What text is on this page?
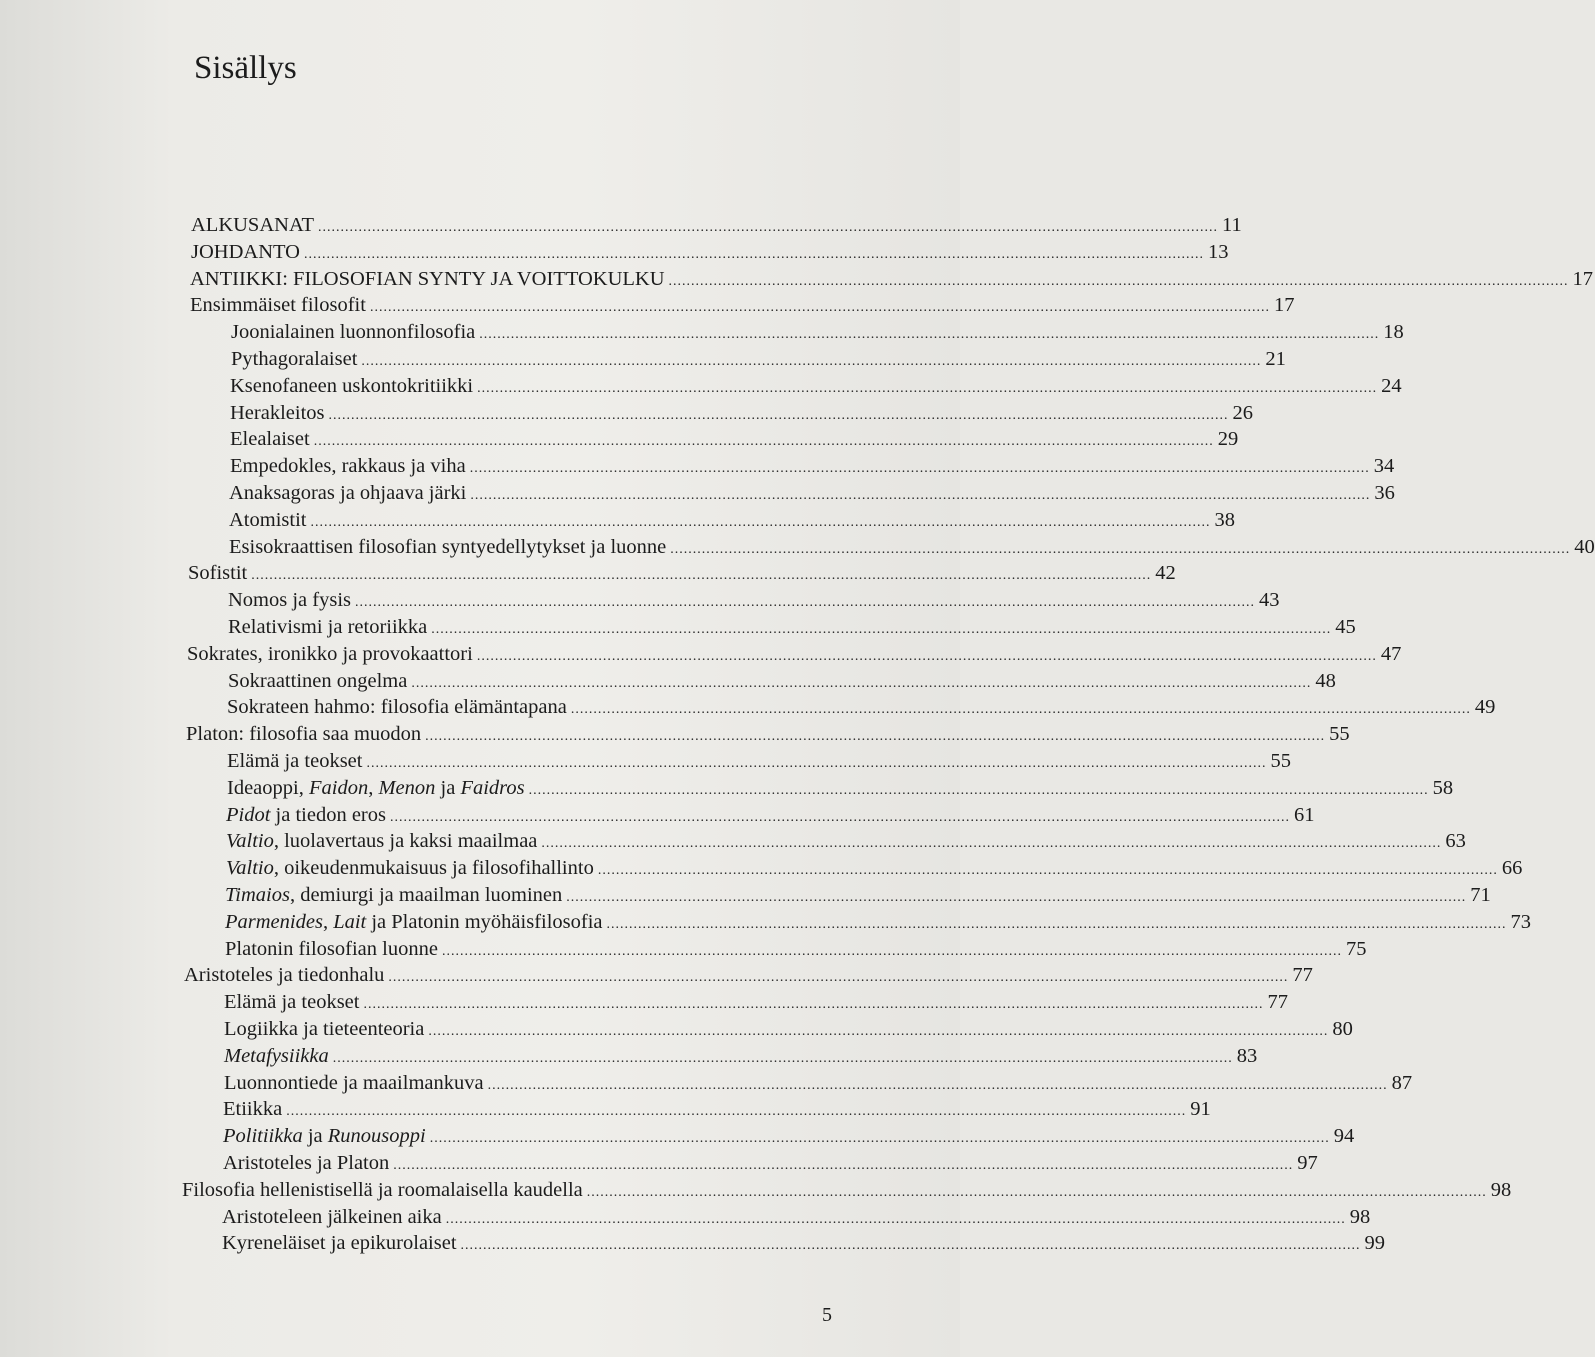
Sisällys
ALKUSANAT ........................................................................................................................................................................................................ 11
JOHDANTO ........................................................................................................................................................................................................ 13
ANTIIKKI: FILOSOFIAN SYNTY JA VOITTOKULKU ........................................................................................................................................................................................................ 17
Ensimmäiset filosofit ........................................................................................................................................................................................................ 17
Joonialainen luonnonfilosofia ........................................................................................................................................................................................................ 18
Pythagoralaiset ........................................................................................................................................................................................................ 21
Ksenofaneen uskontokritiikki ........................................................................................................................................................................................................ 24
Herakleitos ........................................................................................................................................................................................................ 26
Elealaiset ........................................................................................................................................................................................................ 29
Empedokles, rakkaus ja viha ........................................................................................................................................................................................................ 34
Anaksagoras ja ohjaava järki ........................................................................................................................................................................................................ 36
Atomistit ........................................................................................................................................................................................................ 38
Esisokraattisen filosofian syntyedellytykset ja luonne ........................................................................................................................................................................................................ 40
Sofistit ........................................................................................................................................................................................................ 42
Nomos ja fysis ........................................................................................................................................................................................................ 43
Relativismi ja retoriikka ........................................................................................................................................................................................................ 45
Sokrates, ironikko ja provokaattori ........................................................................................................................................................................................................ 47
Sokraattinen ongelma ........................................................................................................................................................................................................ 48
Sokrateen hahmo: filosofia elämäntapana ........................................................................................................................................................................................................ 49
Platon: filosofia saa muodon ........................................................................................................................................................................................................ 55
Elämä ja teokset ........................................................................................................................................................................................................ 55
Ideaoppi, Faidon, Menon ja Faidros ........................................................................................................................................................................................................ 58
Pidot ja tiedon eros ........................................................................................................................................................................................................ 61
Valtio, luolavertaus ja kaksi maailmaa ........................................................................................................................................................................................................ 63
Valtio, oikeudenmukaisuus ja filosofihallinto ........................................................................................................................................................................................................ 66
Timaios, demiurgi ja maailman luominen ........................................................................................................................................................................................................ 71
Parmenides, Lait ja Platonin myöhäisfilosofia ........................................................................................................................................................................................................ 73
Platonin filosofian luonne ........................................................................................................................................................................................................ 75
Aristoteles ja tiedonhalu ........................................................................................................................................................................................................ 77
Elämä ja teokset ........................................................................................................................................................................................................ 77
Logiikka ja tieteenteoria ........................................................................................................................................................................................................ 80
Metafysiikka ........................................................................................................................................................................................................ 83
Luonnontiede ja maailmankuva ........................................................................................................................................................................................................ 87
Etiikka ........................................................................................................................................................................................................ 91
Politiikka ja Runousoppi ........................................................................................................................................................................................................ 94
Aristoteles ja Platon ........................................................................................................................................................................................................ 97
Filosofia hellenistisellä ja roomalaisella kaudella ........................................................................................................................................................................................................ 98
Aristoteleen jälkeinen aika ........................................................................................................................................................................................................ 98
Kyreneläiset ja epikurolaiset ........................................................................................................................................................................................................ 99
5
